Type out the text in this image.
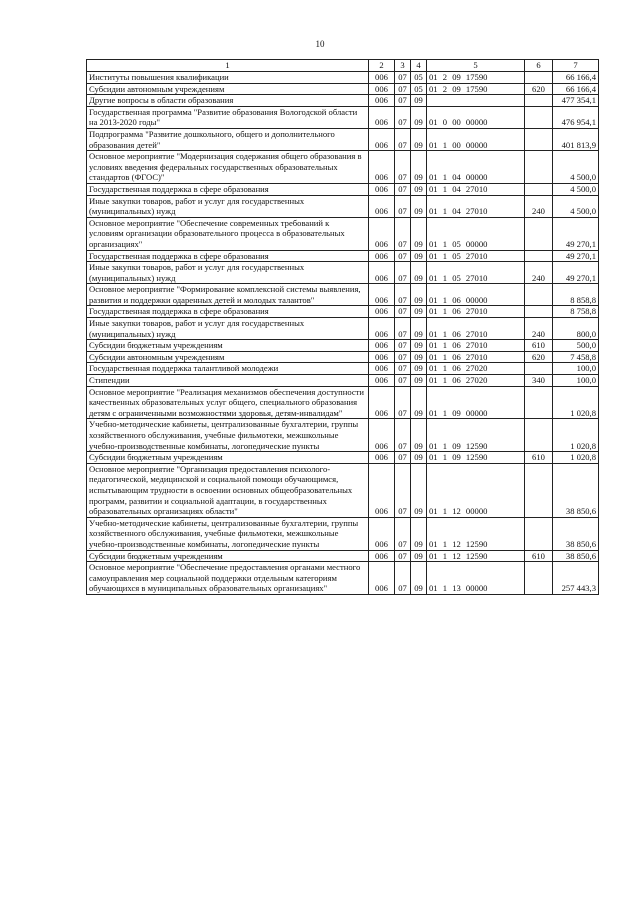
10
1	2	3	4	5	6	7
Институты повышения квалификации	006	07	05	01 2 09 17590		66 166,4
Субсидии автономным учреждениям	006	07	05	01 2 09 17590	620	66 166,4
Другие вопросы в области образования	006	07	09			477 354,1
Государственная программа "Развитие образования Вологодской области на 2013-2020 годы"	006	07	09	01 0 00 00000		476 954,1
Подпрограмма "Развитие дошкольного, общего и дополнительного образования детей"	006	07	09	01 1 00 00000		401 813,9
Основное мероприятие "Модернизация содержания общего образования в условиях введения федеральных государственных образовательных стандартов (ФГОС)"	006	07	09	01 1 04 00000		4 500,0
Государственная поддержка в сфере образования	006	07	09	01 1 04 27010		4 500,0
Иные закупки товаров, работ и услуг для государственных (муниципальных) нужд	006	07	09	01 1 04 27010	240	4 500,0
Основное мероприятие "Обеспечение современных требований к условиям организации образовательного процесса в образовательных организациях"	006	07	09	01 1 05 00000		49 270,1
Государственная поддержка в сфере образования	006	07	09	01 1 05 27010		49 270,1
Иные закупки товаров, работ и услуг для государственных (муниципальных) нужд	006	07	09	01 1 05 27010	240	49 270,1
Основное мероприятие "Формирование комплексной системы выявления, развития и поддержки одаренных детей и молодых талантов"	006	07	09	01 1 06 00000		8 858,8
Государственная поддержка в сфере образования	006	07	09	01 1 06 27010		8 758,8
Иные закупки товаров, работ и услуг для государственных (муниципальных) нужд	006	07	09	01 1 06 27010	240	800,0
Субсидии бюджетным учреждениям	006	07	09	01 1 06 27010	610	500,0
Субсидии автономным учреждениям	006	07	09	01 1 06 27010	620	7 458,8
Государственная поддержка талантливой молодежи	006	07	09	01 1 06 27020		100,0
Стипендии	006	07	09	01 1 06 27020	340	100,0
Основное мероприятие "Реализация механизмов обеспечения доступности качественных образовательных услуг общего, специального образования детям с ограниченными возможностями здоровья, детям-инвалидам"	006	07	09	01 1 09 00000		1 020,8
Учебно-методические кабинеты, централизованные бухгалтерии, группы хозяйственного обслуживания, учебные фильмотеки, межшкольные учебно-производственные комбинаты, логопедические пункты	006	07	09	01 1 09 12590		1 020,8
Субсидии бюджетным учреждениям	006	07	09	01 1 09 12590	610	1 020,8
Основное мероприятие "Организация предоставления психолого-педагогической, медицинской и социальной помощи обучающимся, испытывающим трудности в освоении основных общеобразовательных программ, развитии и социальной адаптации, в государственных образовательных организациях области"	006	07	09	01 1 12 00000		38 850,6
Учебно-методические кабинеты, централизованные бухгалтерии, группы хозяйственного обслуживания, учебные фильмотеки, межшкольные учебно-производственные комбинаты, логопедические пункты	006	07	09	01 1 12 12590		38 850,6
Субсидии бюджетным учреждениям	006	07	09	01 1 12 12590	610	38 850,6
Основное мероприятие "Обеспечение предоставления органами местного самоуправления мер социальной поддержки отдельным категориям обучающихся в муниципальных образовательных организациях"	006	07	09	01 1 13 00000		257 443,3
